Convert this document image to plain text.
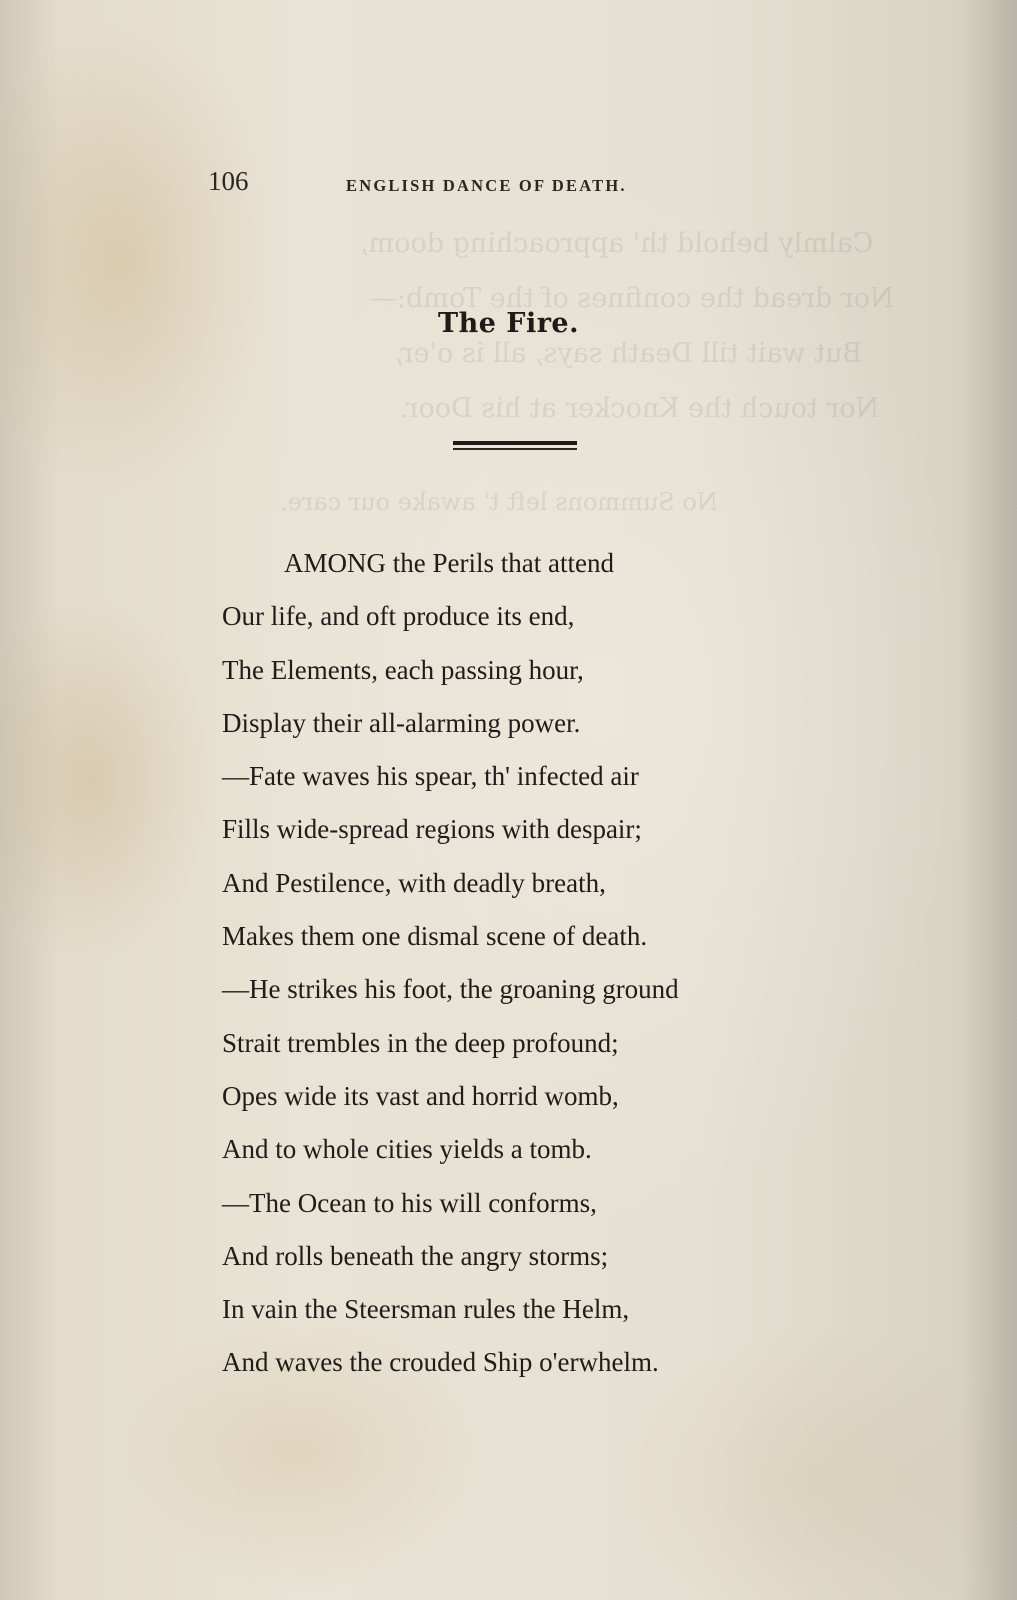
Calmly behold th' approaching doom,
Nor dread the confines of the Tomb:—
But wait till Death says, all is o'er,
Nor touch the Knocker at his Door.
No Summons left t' awake our care.
106	ENGLISH DANCE OF DEATH.
The Fire.
AMONG the Perils that attend
Our life, and oft produce its end,
The Elements, each passing hour,
Display their all-alarming power.
—Fate waves his spear, th' infected air
Fills wide-spread regions with despair;
And Pestilence, with deadly breath,
Makes them one dismal scene of death.
—He strikes his foot, the groaning ground
Strait trembles in the deep profound;
Opes wide its vast and horrid womb,
And to whole cities yields a tomb.
—The Ocean to his will conforms,
And rolls beneath the angry storms;
In vain the Steersman rules the Helm,
And waves the crouded Ship o'erwhelm.
